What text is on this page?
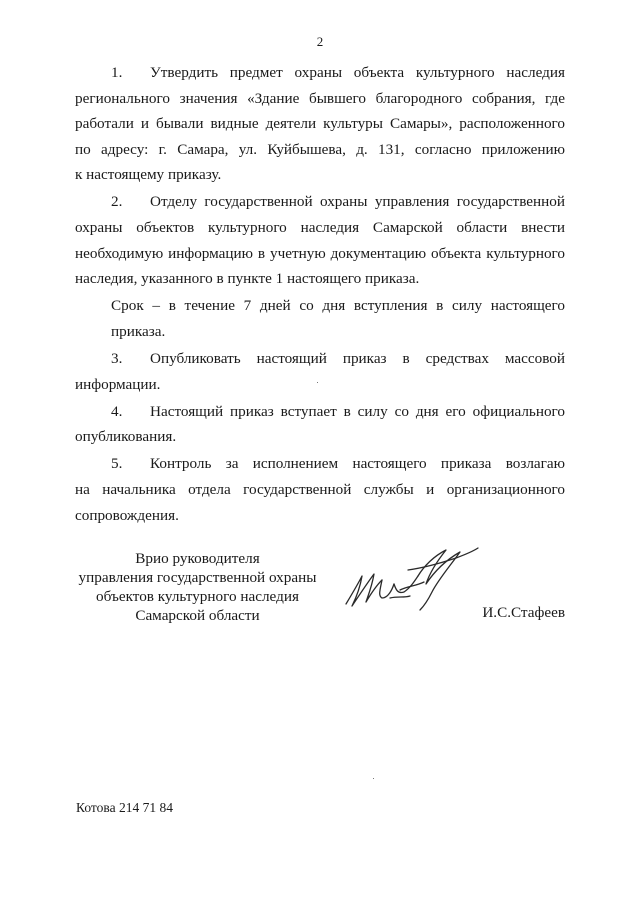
2
1. Утвердить предмет охраны объекта культурного наследия
регионального значения «Здание бывшего благородного собрания, где
работали и бывали видные деятели культуры Самары», расположенного
по адресу: г. Самара, ул. Куйбышева, д. 131, согласно приложению
к настоящему приказу.
2. Отделу государственной охраны управления государственной
охраны объектов культурного наследия Самарской области внести
необходимую информацию в учетную документацию объекта культурного
наследия, указанного в пункте 1 настоящего приказа.
Срок – в течение 7 дней со дня вступления в силу настоящего
приказа.
3. Опубликовать настоящий приказ в средствах массовой
информации.
4. Настоящий приказ вступает в силу со дня его официального
опубликования.
5. Контроль за исполнением настоящего приказа возлагаю
на начальника отдела государственной службы и организационного
сопровождения.
Врио руководителя
управления государственной охраны
объектов культурного наследия
Самарской области	И.С.Стафеев
Котова 214 71 84
